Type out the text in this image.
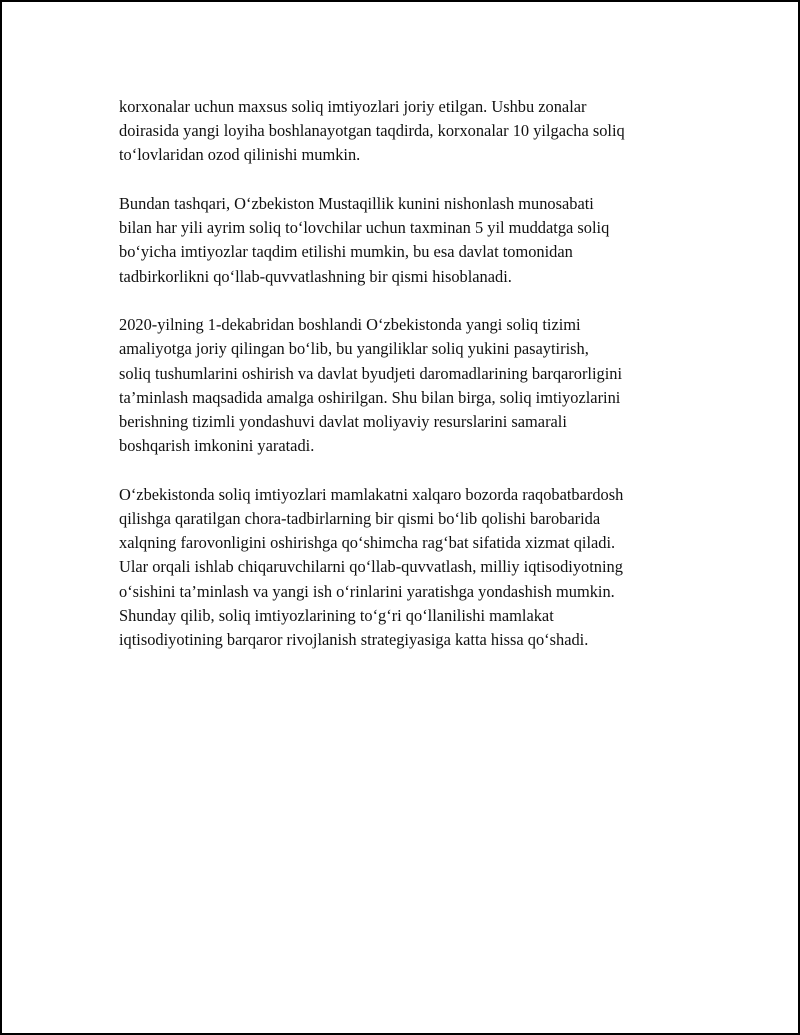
korxonalar uchun maxsus soliq imtiyozlari joriy etilgan. Ushbu zonalar
doirasida yangi loyiha boshlanayotgan taqdirda, korxonalar 10 yilgacha soliq
to‘lovlaridan ozod qilinishi mumkin.

Bundan tashqari, O‘zbekiston Mustaqillik kunini nishonlash munosabati
bilan har yili ayrim soliq to‘lovchilar uchun taxminan 5 yil muddatga soliq
bo‘yicha imtiyozlar taqdim etilishi mumkin, bu esa davlat tomonidan
tadbirkorlikni qo‘llab-quvvatlashning bir qismi hisoblanadi.

2020-yilning 1-dekabridan boshlandi O‘zbekistonda yangi soliq tizimi
amaliyotga joriy qilingan bo‘lib, bu yangiliklar soliq yukini pasaytirish,
soliq tushumlarini oshirish va davlat byudjeti daromadlarining barqarorligini
ta’minlash maqsadida amalga oshirilgan. Shu bilan birga, soliq imtiyozlarini
berishning tizimli yondashuvi davlat moliyaviy resurslarini samarali
boshqarish imkonini yaratadi.

O‘zbekistonda soliq imtiyozlari mamlakatni xalqaro bozorda raqobatbardosh
qilishga qaratilgan chora-tadbirlarning bir qismi bo‘lib qolishi barobarida
xalqning farovonligini oshirishga qo‘shimcha rag‘bat sifatida xizmat qiladi.
Ular orqali ishlab chiqaruvchilarni qo‘llab-quvvatlash, milliy iqtisodiyotning
o‘sishini ta’minlash va yangi ish o‘rinlarini yaratishga yondashish mumkin.
Shunday qilib, soliq imtiyozlarining to‘g‘ri qo‘llanilishi mamlakat
iqtisodiyotining barqaror rivojlanish strategiyasiga katta hissa qo‘shadi.
